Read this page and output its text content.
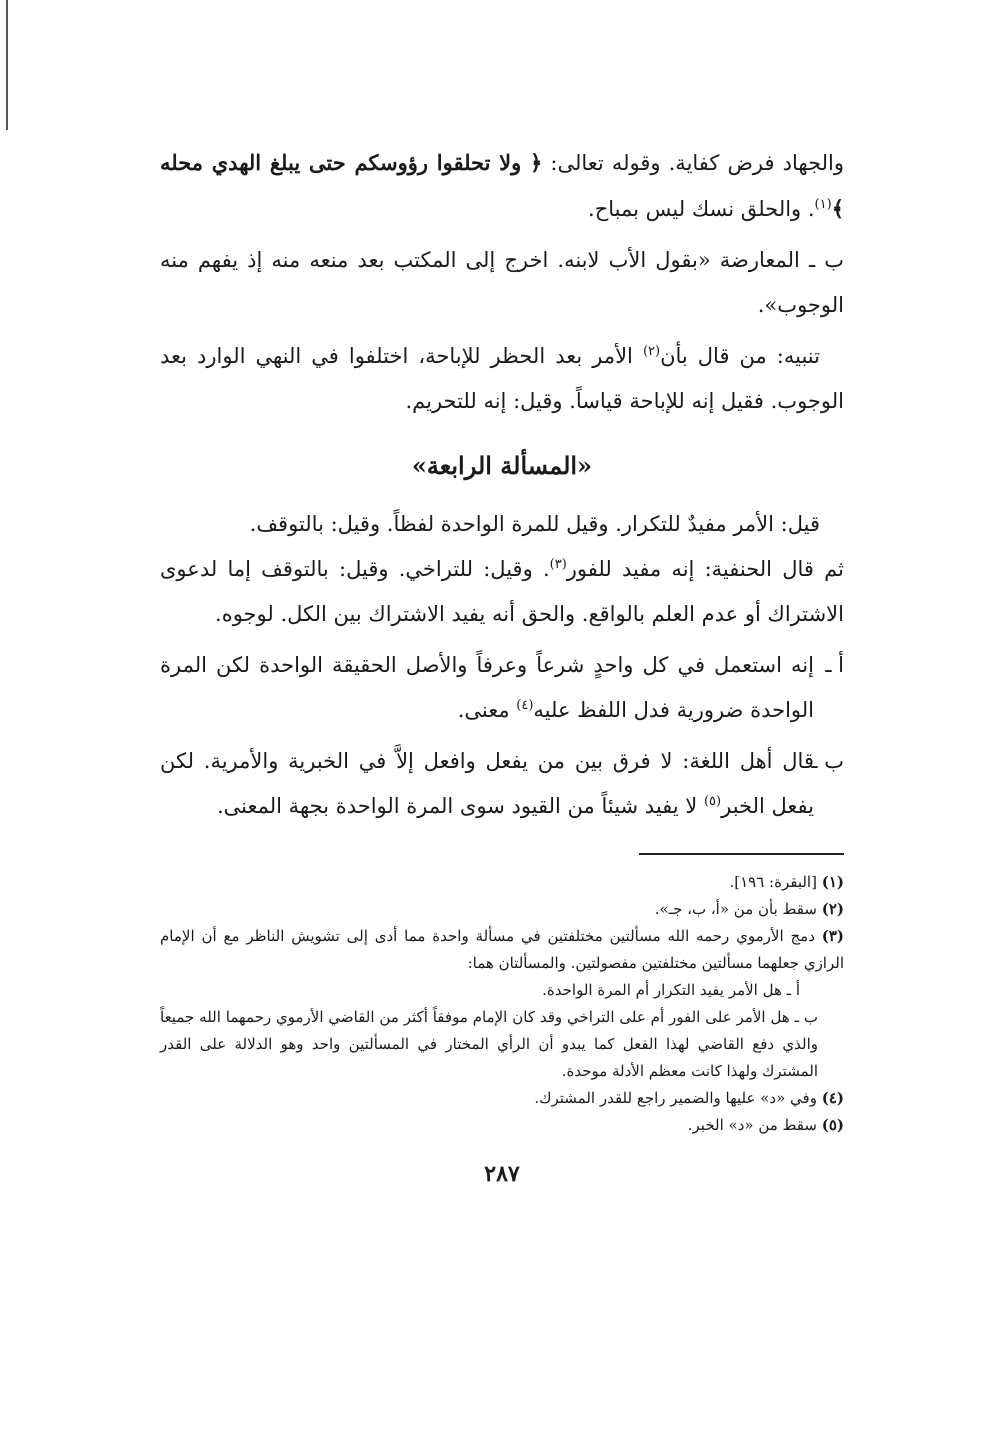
والجهاد فرض كفاية. وقوله تعالى: ﴿ ولا تحلقوا رؤوسكم حتى يبلغ الهدي محله ﴾$^{(١)}$. والحلق نسك ليس بمباح.

ب ـ المعارضة «بقول الأب لابنه. اخرج إلى المكتب بعد منعه منه إذ يفهم منه الوجوب».

تنبيه: من قال بأن$^{(٢)}$ الأمر بعد الحظر للإباحة، اختلفوا في النهي الوارد بعد الوجوب. فقيل إنه للإباحة قياساً. وقيل: إنه للتحريم.

«المسألة الرابعة»

قيل: الأمر مفيدٌ للتكرار. وقيل للمرة الواحدة لفظاً. وقيل: بالتوقف.

ثم قال الحنفية: إنه مفيد للفور$^{(٣)}$. وقيل: للتراخي. وقيل: بالتوقف إما لدعوى الاشتراك أو عدم العلم بالواقع. والحق أنه يفيد الاشتراك بين الكل. لوجوه.

أ ـ
إنه استعمل في كل واحدٍ شرعاً وعرفاً والأصل الحقيقة الواحدة لكن المرة الواحدة ضرورية فدل اللفظ عليه$^{(٤)}$ معنى.

ب ـ
قال أهل اللغة: لا فرق بين من يفعل وافعل إلاَّ في الخبرية والأمرية. لكن يفعل الخبر$^{(٥)}$ لا يفيد شيئاً من القيود سوى المرة الواحدة بجهة المعنى.

(١) [البقرة: ١٩٦].

(٢) سقط بأن من «أ، ب، جـ».

(٣) دمج الأرموي رحمه الله مسألتين مختلفتين في مسألة واحدة مما أدى إلى تشويش الناظر مع أن الإمام الرازي جعلهما مسألتين مختلفتين مفصولتين. والمسألتان هما:

أ ـ هل الأمر يفيد التكرار أم المرة الواحدة.

ب ـ هل الأمر على الفور أم على التراخي وقد كان الإمام موفقاً أكثر من القاضي الأرموي رحمهما الله جميعاً والذي دفع القاضي لهذا الفعل كما يبدو أن الرأي المختار في المسألتين واحد وهو الدلالة على القدر المشترك ولهذا كانت معظم الأدلة موحدة.

(٤) وفي «د» عليها والضمير راجع للقدر المشترك.

(٥) سقط من «د» الخبر.

٢٨٧
